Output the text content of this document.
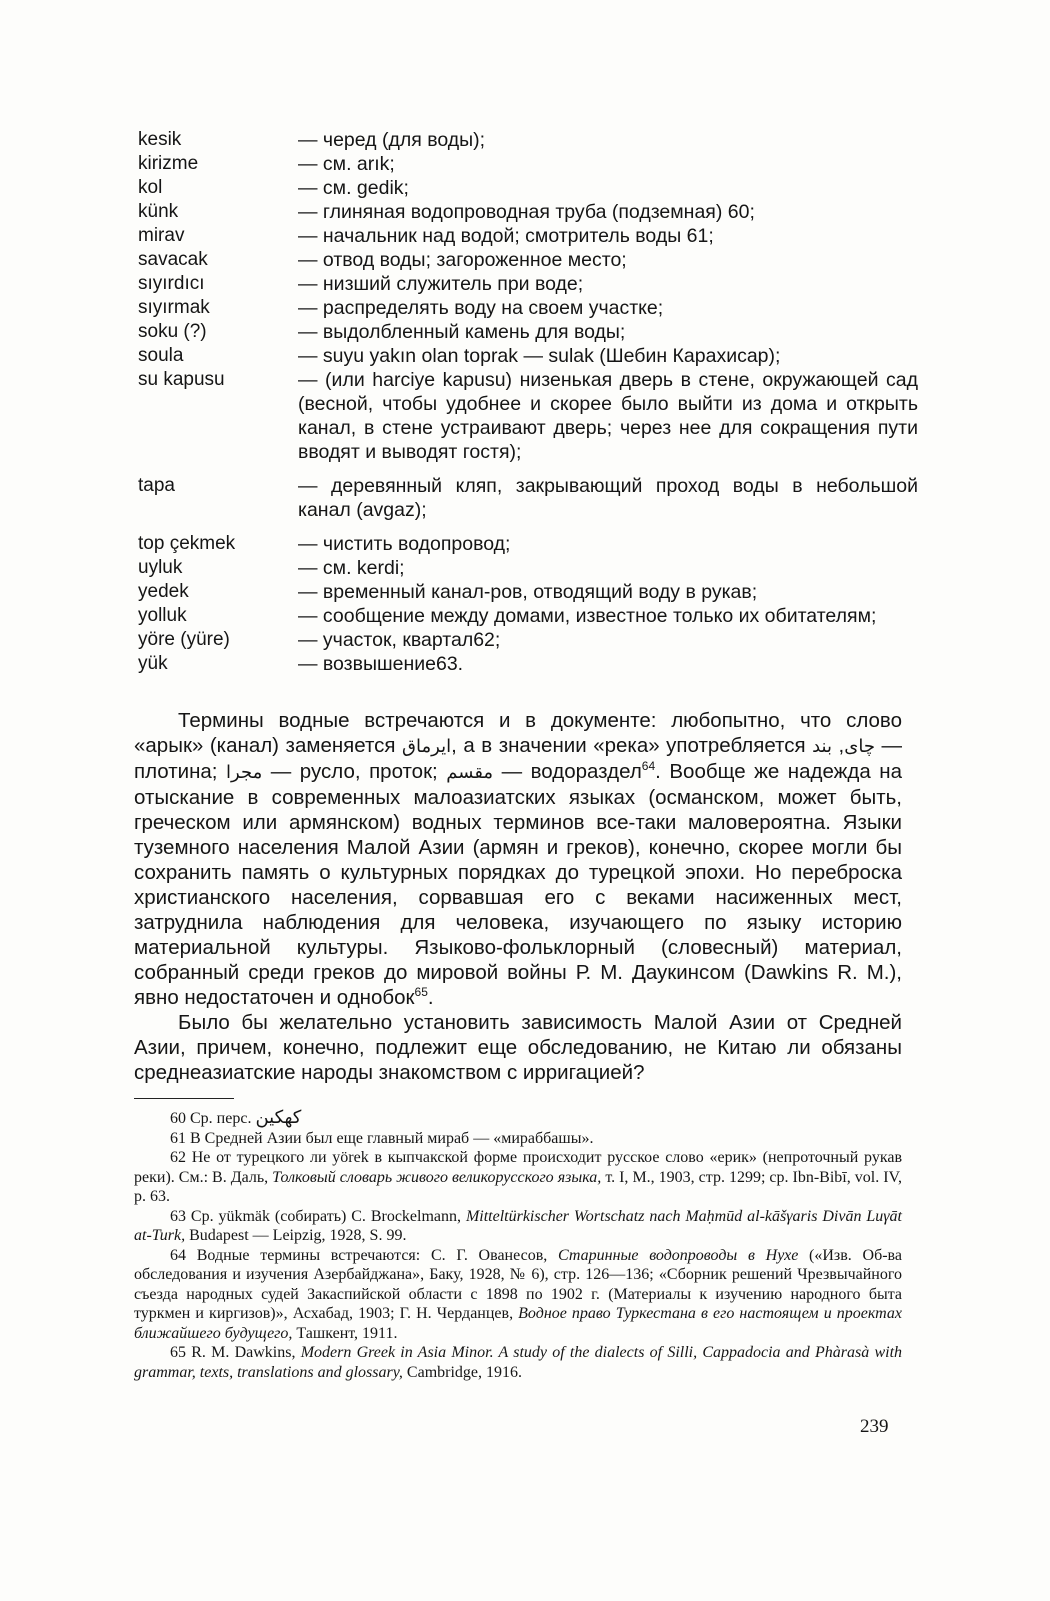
kesik	— черед (для воды);
kirizme	— см. arık;
kol	— см. gedik;
künk	— глиняная водопроводная труба (подземная) 60;
mirav	— начальник над водой; смотритель воды 61;
savacak	— отвод воды; загороженное место;
sıyırdıcı	— низший служитель при воде;
sıyırmak	— распределять воду на своем участке;
soku (?)	— выдолбленный камень для воды;
soula	— suyu yakın olan toprak — sulak (Шебин Карахисар);
su kapusu	— (или harciye kapusu) низенькая дверь в стене, окружающей сад (весной, чтобы удобнее и скорее было выйти из дома и открыть канал, в стене устраивают дверь; через нее для сокращения пути вводят и выводят гостя);
tapa	— деревянный кляп, закрывающий проход воды в небольшой канал (avgaz);
top çekmek	— чистить водопровод;
uyluk	— см. kerdi;
yedek	— временный канал-ров, отводящий воду в рукав;
yolluk	— сообщение между домами, известное только их обитателям;
yöre (yüre)	— участок, квартал62;
yük	— возвышение63.

Термины водные встречаются и в документе: любопытно, что слово «арык» (канал) заменяется ايرماق, а в значении «река» употребляется چاى, بند — плотина; مجرا — русло, проток; مقسم — водораздел$^{64}$. Вообще же надежда на отыскание в современных малоазиатских языках (османском, может быть, греческом или армянском) водных терминов все-таки маловероятна. Языки туземного населения Малой Азии (армян и греков), конечно, скорее могли бы сохранить память о культурных порядках до турецкой эпохи. Но переброска христианского населения, сорвавшая его с веками насиженных мест, затруднила наблюдения для человека, изучающего по языку историю материальной культуры. Языково-фольклорный (словесный) материал, собранный среди греков до мировой войны Р. М. Даукинсом (Dawkins R. M.), явно недостаточен и однобок$^{65}$.

Было бы желательно установить зависимость Малой Азии от Средней Азии, причем, конечно, подлежит еще обследованию, не Китаю ли обязаны среднеазиатские народы знакомством с ирригацией?

60 Ср. перс. كهكين

61 В Средней Азии был еще главный мираб — «мираббашы».

62 Не от турецкого ли yörek в кыпчакской форме происходит русское слово «ерик» (непроточный рукав реки). См.: В. Даль, Толковый словарь живого великорусского языка, т. I, М., 1903, стр. 1299; ср. Ibn-Bibī, vol. IV, p. 63.

63 Ср. yükmäk (собирать) C. Brockelmann, Mitteltürkischer Wortschatz nach Maḥmūd al-kāšγaris Divān Luγāt at-Turk, Budapest — Leipzig, 1928, S. 99.

64 Водные термины встречаются: С. Г. Ованесов, Старинные водопроводы в Нухе («Изв. Об-ва обследования и изучения Азербайджана», Баку, 1928, № 6), стр. 126—136; «Сборник решений Чрезвычайного съезда народных судей Закаспийской области с 1898 по 1902 г. (Материалы к изучению народного быта туркмен и киргизов)», Асхабад, 1903; Г. Н. Черданцев, Водное право Туркестана в его настоящем и проектах ближайшего будущего, Ташкент, 1911.

65 R. M. Dawkins, Modern Greek in Asia Minor. A study of the dialects of Silli, Cappadocia and Phàrasà with grammar, texts, translations and glossary, Cambridge, 1916.

239
